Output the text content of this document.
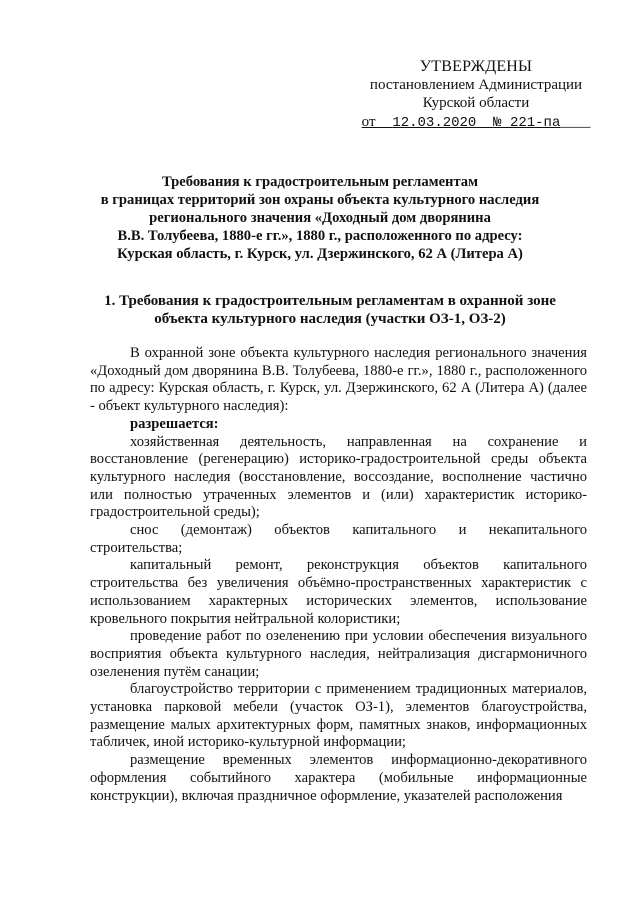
УТВЕРЖДЕНЫ
постановлением Администрации
Курской области
от 12.03.2020 № 221-па____
Требования к градостроительным регламентам
в границах территорий зон охраны объекта культурного наследия
регионального значения «Доходный дом дворянина
В.В. Толубеева, 1880-е гг.», 1880 г., расположенного по адресу:
Курская область, г. Курск, ул. Дзержинского, 62 А (Литера А)
1. Требования к градостроительным регламентам в охранной зоне
объекта культурного наследия (участки ОЗ-1, ОЗ-2)

В охранной зоне объекта культурного наследия регионального значения «Доходный дом дворянина В.В. Толубеева, 1880-е гг.», 1880 г., расположенного по адресу: Курская область, г. Курск, ул. Дзержинского, 62 А (Литера А) (далее - объект культурного наследия):

разрешается:

хозяйственная деятельность, направленная на сохранение и восстановление (регенерацию) историко-градостроительной среды объекта культурного наследия (восстановление, воссоздание, восполнение частично или полностью утраченных элементов и (или) характеристик историко-градостроительной среды);

снос (демонтаж) объектов капитального и некапитального строительства;

капитальный ремонт, реконструкция объектов капитального строительства без увеличения объёмно-пространственных характеристик с использованием характерных исторических элементов, использование кровельного покрытия нейтральной колористики;

проведение работ по озеленению при условии обеспечения визуального восприятия объекта культурного наследия, нейтрализация дисгармоничного озеленения путём санации;

благоустройство территории с применением традиционных материалов, установка парковой мебели (участок ОЗ-1), элементов благоустройства, размещение малых архитектурных форм, памятных знаков, информационных табличек, иной историко-культурной информации;

размещение временных элементов информационно-декоративного оформления событийного характера (мобильные информационные конструкции), включая праздничное оформление, указателей расположения
